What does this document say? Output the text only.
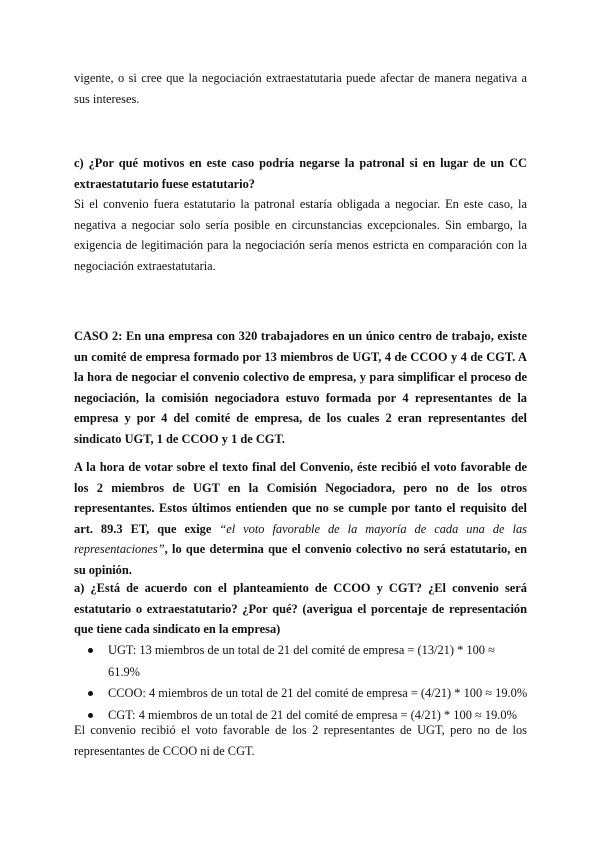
vigente, o si cree que la negociación extraestatutaria puede afectar de manera negativa a sus intereses.

c) ¿Por qué motivos en este caso podría negarse la patronal si en lugar de un CC extraestatutario fuese estatutario?

Si el convenio fuera estatutario la patronal estaría obligada a negociar. En este caso, la negativa a negociar solo sería posible en circunstancias excepcionales. Sin embargo, la exigencia de legitimación para la negociación sería menos estricta en comparación con la negociación extraestatutaria.

CASO 2: En una empresa con 320 trabajadores en un único centro de trabajo, existe un comité de empresa formado por 13 miembros de UGT, 4 de CCOO y 4 de CGT. A la hora de negociar el convenio colectivo de empresa, y para simplificar el proceso de negociación, la comisión negociadora estuvo formada por 4 representantes de la empresa y por 4 del comité de empresa, de los cuales 2 eran representantes del sindicato UGT, 1 de CCOO y 1 de CGT.

A la hora de votar sobre el texto final del Convenio, éste recibió el voto favorable de los 2 miembros de UGT en la Comisión Negociadora, pero no de los otros representantes. Estos últimos entienden que no se cumple por tanto el requisito del art. 89.3 ET, que exige “el voto favorable de la mayoría de cada una de las representaciones”, lo que determina que el convenio colectivo no será estatutario, en su opinión.

a) ¿Está de acuerdo con el planteamiento de CCOO y CGT? ¿El convenio será estatutario o extraestatutario? ¿Por qué? (averigua el porcentaje de representación que tiene cada sindicato en la empresa)

UGT: 13 miembros de un total de 21 del comité de empresa = (13/21) * 100 ≈ 61.9%
CCOO: 4 miembros de un total de 21 del comité de empresa = (4/21) * 100 ≈ 19.0%
CGT: 4 miembros de un total de 21 del comité de empresa = (4/21) * 100 ≈ 19.0%

El convenio recibió el voto favorable de los 2 representantes de UGT, pero no de los representantes de CCOO ni de CGT.
